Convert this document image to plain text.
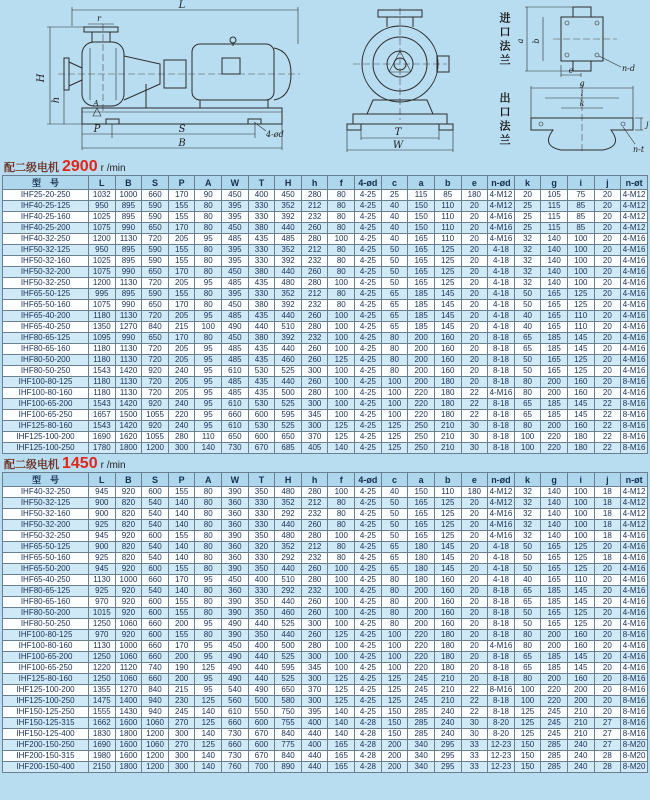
L
r
H
h	A
P	S	4-ød
B
T
W
进口法兰
出口法兰
a b
e	n-d
g
i
k
j
n-t
配二级电机 2900 r /min
型　号	L	B	S	P	A	W	T	H	h	f	4-ød	c	a	b	e	n-ød	k	g	i	j	n-øt
IHF25-20-250	1032	1000	660	170	90	450	400	450	280	80	4-25	25	115	85	180	4-M12	20	105	75	20	4-M12
IHF40-25-125	950	895	590	155	80	395	330	352	212	80	4-25	40	150	110	20	4-M12	25	115	85	20	4-M12
IHF40-25-160	1025	895	590	155	80	395	330	392	232	80	4-25	40	150	110	20	4-M16	25	115	85	20	4-M12
IHF40-25-200	1075	990	650	170	80	450	380	440	260	80	4-25	40	150	110	20	4-M16	25	115	85	20	4-M12
IHF40-32-250	1200	1130	720	205	95	485	435	485	280	100	4-25	40	165	110	20	4-M16	32	140	100	20	4-M16
IHF50-32-125	950	895	590	155	80	395	330	352	212	80	4-25	50	165	125	20	4-18	32	140	100	20	4-M16
IHF50-32-160	1025	895	590	155	80	395	330	392	232	80	4-25	50	165	125	20	4-18	32	140	100	20	4-M16
IHF50-32-200	1075	990	650	170	80	450	380	440	260	80	4-25	50	165	125	20	4-18	32	140	100	20	4-M16
IHF50-32-250	1200	1130	720	205	95	485	435	480	280	100	4-25	50	165	125	20	4-18	32	140	100	20	4-M16
IHF65-50-125	995	895	590	155	80	395	330	352	212	80	4-25	65	185	145	20	4-18	50	165	125	20	4-M16
IHF65-50-160	1075	990	650	170	80	450	380	392	232	80	4-25	65	185	145	20	4-18	50	165	125	20	4-M16
IHF65-40-200	1180	1130	720	205	95	485	435	440	260	100	4-25	65	185	145	20	4-18	40	165	110	20	4-M16
IHF65-40-250	1350	1270	840	215	100	490	440	510	280	100	4-25	65	185	145	20	4-18	40	165	110	20	4-M16
IHF80-65-125	1095	990	650	170	80	450	380	392	232	100	4-25	80	200	160	20	8-18	65	185	145	20	4-M16
IHF80-65-160	1180	1130	720	205	95	485	435	440	260	100	4-25	80	200	160	20	8-18	65	185	145	20	4-M16
IHF80-50-200	1180	1130	720	205	95	485	435	460	260	125	4-25	80	200	160	20	8-18	50	165	125	20	4-M16
IHF80-50-250	1543	1420	920	240	95	610	530	525	300	100	4-25	80	200	160	20	8-18	50	165	125	20	4-M16
IHF100-80-125	1180	1130	720	205	95	485	435	440	260	100	4-25	100	200	180	20	8-18	80	200	160	20	8-M16
IHF100-80-160	1180	1130	720	205	95	485	435	500	280	100	4-25	100	220	180	22	4-M16	80	200	160	20	4-M16
IHF100-65-200	1543	1420	920	240	95	610	530	525	300	100	4-25	100	220	180	22	8-18	65	185	145	22	8-M16
IHF100-65-250	1657	1500	1055	220	95	660	600	595	345	100	4-25	100	220	180	22	8-18	65	185	145	22	8-M16
IHF125-80-160	1543	1420	920	240	95	610	530	525	300	125	4-25	125	250	210	30	8-18	80	200	160	22	8-M16
IHF125-100-200	1690	1620	1055	280	110	650	600	650	370	125	4-25	125	250	210	30	8-18	100	220	180	22	8-M16
IHF125-100-250	1780	1800	1200	300	140	730	670	685	405	140	4-25	125	250	210	30	8-18	100	220	180	22	8-M16
配二级电机 1450 r /min
型　号	L	B	S	P	A	W	T	H	h	f	4-ød	c	a	b	e	n-ød	k	g	i	j	n-øt
IHF40-32-250	945	920	600	155	80	390	350	480	280	100	4-25	40	150	110	180	4-M12	32	140	100	18	4-M12
IHF50-32-125	900	820	540	140	80	360	330	352	212	80	4-25	50	165	125	20	4-M12	32	140	100	18	4-M12
IHF50-32-160	900	820	540	140	80	360	330	292	232	80	4-25	50	165	125	20	4-M16	32	140	100	18	4-M12
IHF50-32-200	925	820	540	140	80	360	330	440	260	80	4-25	50	165	125	20	4-M16	32	140	100	18	4-M12
IHF50-32-250	945	920	600	155	80	390	350	480	280	100	4-25	50	165	125	20	4-M16	32	140	100	18	4-M16
IHF65-50-125	900	820	540	140	80	360	320	352	212	80	4-25	65	180	145	20	4-18	50	165	125	20	4-M16
IHF65-50-160	925	820	540	140	80	360	330	292	232	80	4-25	65	180	145	20	4-18	50	165	125	18	4-M16
IHF65-50-200	945	920	600	155	80	390	350	440	260	100	4-25	65	180	145	20	4-18	50	165	125	20	4-M16
IHF65-40-250	1130	1000	660	170	95	450	400	510	280	100	4-25	80	180	160	20	4-18	40	165	110	20	4-M16
IHF80-65-125	925	920	540	140	80	360	330	292	232	100	4-25	80	200	160	20	8-18	65	185	145	20	4-M16
IHF80-65-160	970	920	600	155	80	390	350	440	260	100	4-25	80	200	160	20	8-18	65	185	145	20	4-M16
IHF80-50-200	1015	920	600	155	80	390	350	460	260	100	4-25	80	200	160	20	8-18	50	165	125	20	4-M16
IHF80-50-250	1250	1060	660	200	95	490	440	525	300	100	4-25	80	200	160	20	8-18	50	165	125	20	4-M16
IHF100-80-125	970	920	600	155	80	390	350	440	260	125	4-25	100	220	180	20	8-18	80	200	160	20	8-M16
IHF100-80-160	1130	1000	660	170	95	450	400	500	280	100	4-25	100	220	180	20	4-M16	80	200	160	20	4-M16
IHF100-65-200	1250	1060	660	200	95	490	440	525	300	100	4-25	100	220	180	20	8-18	65	185	145	20	4-M16
IHF100-65-250	1220	1120	740	190	125	490	440	595	345	100	4-25	100	220	180	20	8-18	65	185	145	20	4-M16
IHF125-80-160	1250	1060	660	200	95	490	440	525	300	125	4-25	125	245	210	20	8-18	80	200	160	20	8-M16
IHF125-100-200	1355	1270	840	215	95	540	490	650	370	125	4-25	125	245	210	22	8-M16	100	220	200	20	8-M16
IHF125-100-250	1475	1400	940	230	125	560	500	580	300	125	4-25	125	245	210	22	8-18	100	220	200	20	8-M16
IHF150-125-250	1555	1430	940	245	140	610	550	750	395	140	4-25	150	285	240	22	8-18	125	245	210	20	8-M16
IHF150-125-315	1662	1600	1060	270	125	660	600	755	400	140	4-28	150	285	240	30	8-20	125	245	210	27	8-M16
IHF150-125-400	1830	1800	1200	300	140	730	670	840	440	140	4-28	150	285	240	30	8-20	125	245	210	27	8-M16
IHF200-150-250	1690	1600	1060	270	125	660	600	775	400	165	4-28	200	340	295	33	12-23	150	285	240	27	8-M20
IHF200-150-315	1980	1600	1200	300	140	730	670	840	440	165	4-28	200	340	295	33	12-23	150	285	240	28	8-M20
IHF200-150-400	2150	1800	1200	300	140	760	700	890	440	165	4-28	200	340	295	33	12-23	150	285	240	28	8-M20
